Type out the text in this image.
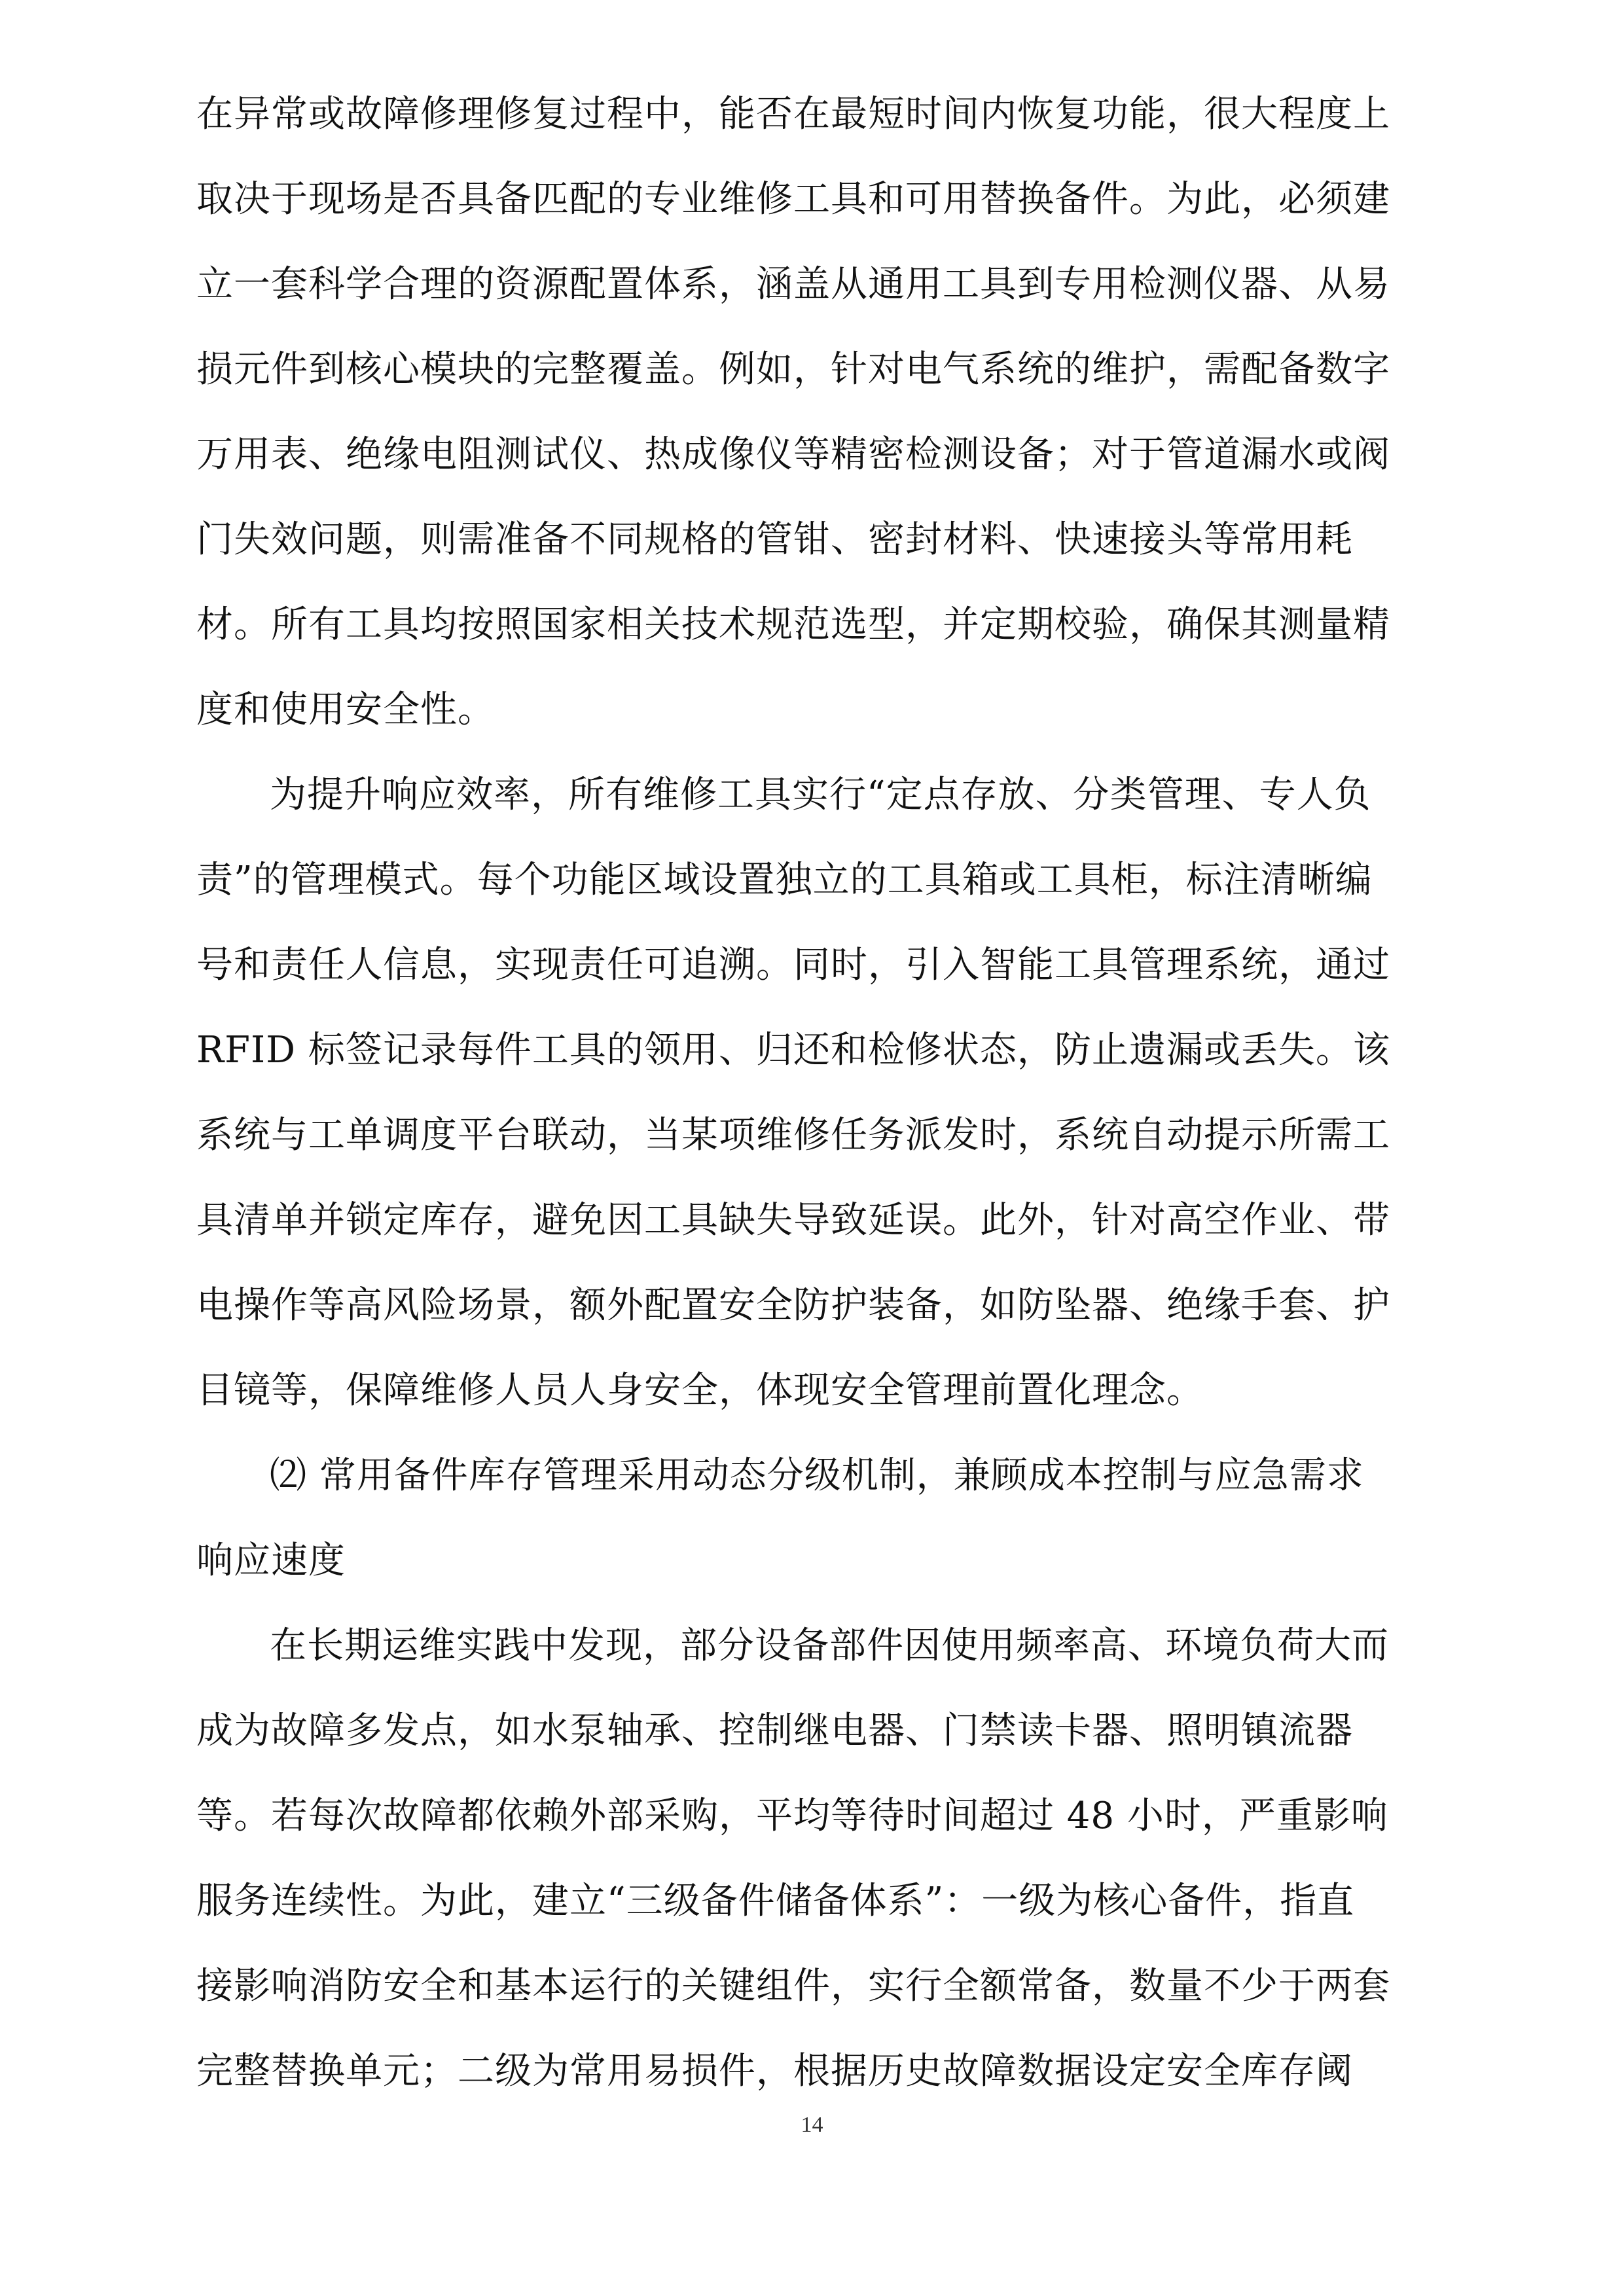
在异常或故障修理修复过程中，能否在最短时间内恢复功能，很大程度上
取决于现场是否具备匹配的专业维修工具和可用替换备件。为此，必须建
立一套科学合理的资源配置体系，涵盖从通用工具到专用检测仪器、从易
损元件到核心模块的完整覆盖。例如，针对电气系统的维护，需配备数字
万用表、绝缘电阻测试仪、热成像仪等精密检测设备；对于管道漏水或阀
门失效问题，则需准备不同规格的管钳、密封材料、快速接头等常用耗
材。所有工具均按照国家相关技术规范选型，并定期校验，确保其测量精
度和使用安全性。

为提升响应效率，所有维修工具实行“定点存放、分类管理、专人负
责”的管理模式。每个功能区域设置独立的工具箱或工具柜，标注清晰编
号和责任人信息，实现责任可追溯。同时，引入智能工具管理系统，通过
RFID 标签记录每件工具的领用、归还和检修状态，防止遗漏或丢失。该
系统与工单调度平台联动，当某项维修任务派发时，系统自动提示所需工
具清单并锁定库存，避免因工具缺失导致延误。此外，针对高空作业、带
电操作等高风险场景，额外配置安全防护装备，如防坠器、绝缘手套、护
目镜等，保障维修人员人身安全，体现安全管理前置化理念。

⑵ 常用备件库存管理采用动态分级机制，兼顾成本控制与应急需求
响应速度

在长期运维实践中发现，部分设备部件因使用频率高、环境负荷大而
成为故障多发点，如水泵轴承、控制继电器、门禁读卡器、照明镇流器
等。若每次故障都依赖外部采购，平均等待时间超过 48 小时，严重影响
服务连续性。为此，建立“三级备件储备体系”：一级为核心备件，指直
接影响消防安全和基本运行的关键组件，实行全额常备，数量不少于两套
完整替换单元；二级为常用易损件，根据历史故障数据设定安全库存阈

14
